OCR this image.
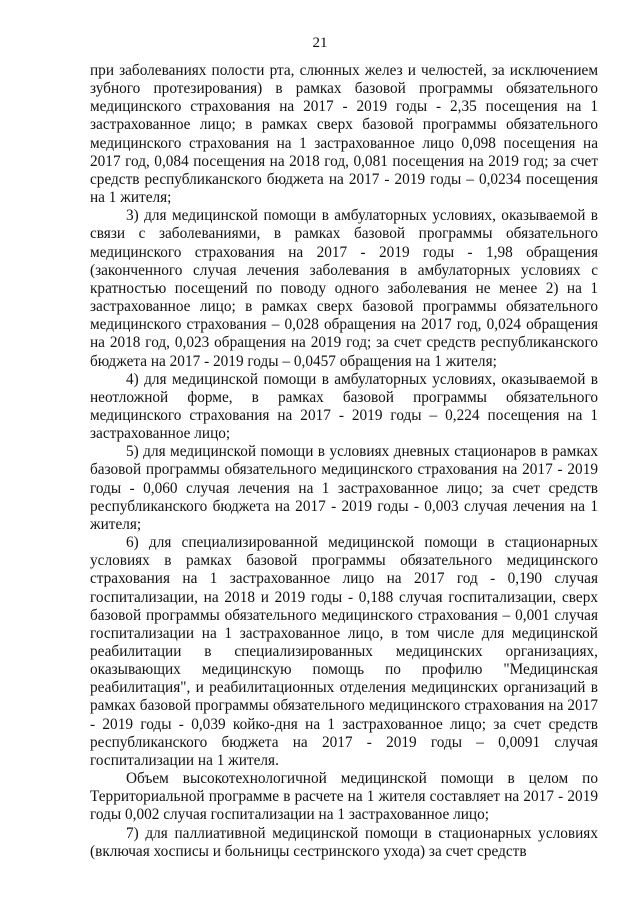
21

при заболеваниях полости рта, слюнных желез и челюстей, за исключением зубного протезирования) в рамках базовой программы обязательного медицинского страхования на 2017 - 2019 годы - 2,35 посещения на 1 застрахованное лицо; в рамках сверх базовой программы обязательного медицинского страхования на 1 застрахованное лицо 0,098 посещения на 2017 год, 0,084 посещения на 2018 год, 0,081 посещения на 2019 год; за счет средств республиканского бюджета на 2017 - 2019 годы – 0,0234 посещения на 1 жителя;

3) для медицинской помощи в амбулаторных условиях, оказываемой в связи с заболеваниями, в рамках базовой программы обязательного медицинского страхования на 2017 - 2019 годы - 1,98 обращения (законченного случая лечения заболевания в амбулаторных условиях с кратностью посещений по поводу одного заболевания не менее 2) на 1 застрахованное лицо; в рамках сверх базовой программы обязательного медицинского страхования – 0,028 обращения на 2017 год, 0,024 обращения на 2018 год, 0,023 обращения на 2019 год; за счет средств республиканского бюджета на 2017 - 2019 годы – 0,0457 обращения на 1 жителя;

4) для медицинской помощи в амбулаторных условиях, оказываемой в неотложной форме, в рамках базовой программы обязательного медицинского страхования на 2017 - 2019 годы – 0,224 посещения на 1 застрахованное лицо;

5) для медицинской помощи в условиях дневных стационаров в рамках базовой программы обязательного медицинского страхования на 2017 - 2019 годы - 0,060 случая лечения на 1 застрахованное лицо; за счет средств республиканского бюджета на 2017 - 2019 годы - 0,003 случая лечения на 1 жителя;

6) для специализированной медицинской помощи в стационарных условиях в рамках базовой программы обязательного медицинского страхования на 1 застрахованное лицо на 2017 год - 0,190 случая госпитализации, на 2018 и 2019 годы - 0,188 случая госпитализации, сверх базовой программы обязательного медицинского страхования – 0,001 случая госпитализации на 1 застрахованное лицо, в том числе для медицинской реабилитации в специализированных медицинских организациях, оказывающих медицинскую помощь по профилю "Медицинская реабилитация", и реабилитационных отделения медицинских организаций в рамках базовой программы обязательного медицинского страхования на 2017 - 2019 годы - 0,039 койко-дня на 1 застрахованное лицо; за счет средств республиканского бюджета на 2017 - 2019 годы – 0,0091 случая госпитализации на 1 жителя.

Объем высокотехнологичной медицинской помощи в целом по Территориальной программе в расчете на 1 жителя составляет на 2017 - 2019 годы 0,002 случая госпитализации на 1 застрахованное лицо;

7) для паллиативной медицинской помощи в стационарных условиях (включая хосписы и больницы сестринского ухода) за счет средств
